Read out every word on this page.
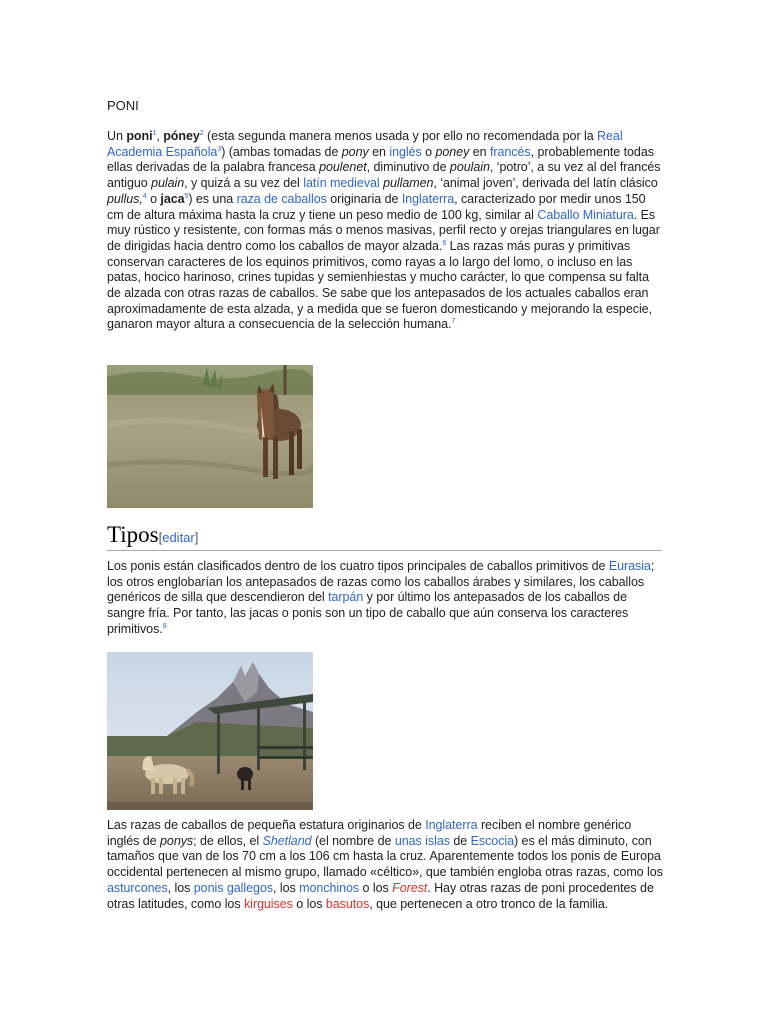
PONI

Un poni$^1$, póney$^2$ (esta segunda manera menos usada y por ello no recomendada por la Real Academia Española$^3$) (ambas tomadas de pony en inglés o poney en francés, probablemente todas ellas derivadas de la palabra francesa poulenet, diminutivo de poulain, ‘potro’, a su vez al del francés antiguo pulain, y quizá a su vez del latín medieval pullamen, ‘animal joven’, derivada del latín clásico pullus,$^4$ o jaca$^5$) es una raza de caballos originaria de Inglaterra, caracterizado por medir unos 150 cm de altura máxima hasta la cruz y tiene un peso medio de 100 kg, similar al Caballo Miniatura. Es muy rústico y resistente, con formas más o menos masivas, perfil recto y orejas triangulares en lugar de dirigidas hacia dentro como los caballos de mayor alzada.$^6$ Las razas más puras y primitivas conservan caracteres de los equinos primitivos, como rayas a lo largo del lomo, o incluso en las patas, hocico harinoso, crines tupidas y semienhiestas y mucho carácter, lo que compensa su falta de alzada con otras razas de caballos. Se sabe que los antepasados de los actuales caballos eran aproximadamente de esta alzada, y a medida que se fueron domesticando y mejorando la especie, ganaron mayor altura a consecuencia de la selección humana.$^7$

Tipos[editar]

Los ponis están clasificados dentro de los cuatro tipos principales de caballos primitivos de Eurasia; los otros englobarían los antepasados de razas como los caballos árabes y similares, los caballos genéricos de silla que descendieron del tarpán y por último los antepasados de los caballos de sangre fría. Por tanto, las jacas o ponis son un tipo de caballo que aún conserva los caracteres primitivos.$^8$

Las razas de caballos de pequeña estatura originarios de Inglaterra reciben el nombre genérico inglés de ponys; de ellos, el Shetland (el nombre de unas islas de Escocia) es el más diminuto, con tamaños que van de los 70 cm a los 106 cm hasta la cruz. Aparentemente todos los ponis de Europa occidental pertenecen al mismo grupo, llamado «céltico», que también engloba otras razas, como los asturcones, los ponis gallegos, los monchinos o los Forest. Hay otras razas de poni procedentes de otras latitudes, como los kirguises o los basutos, que pertenecen a otro tronco de la familia.
